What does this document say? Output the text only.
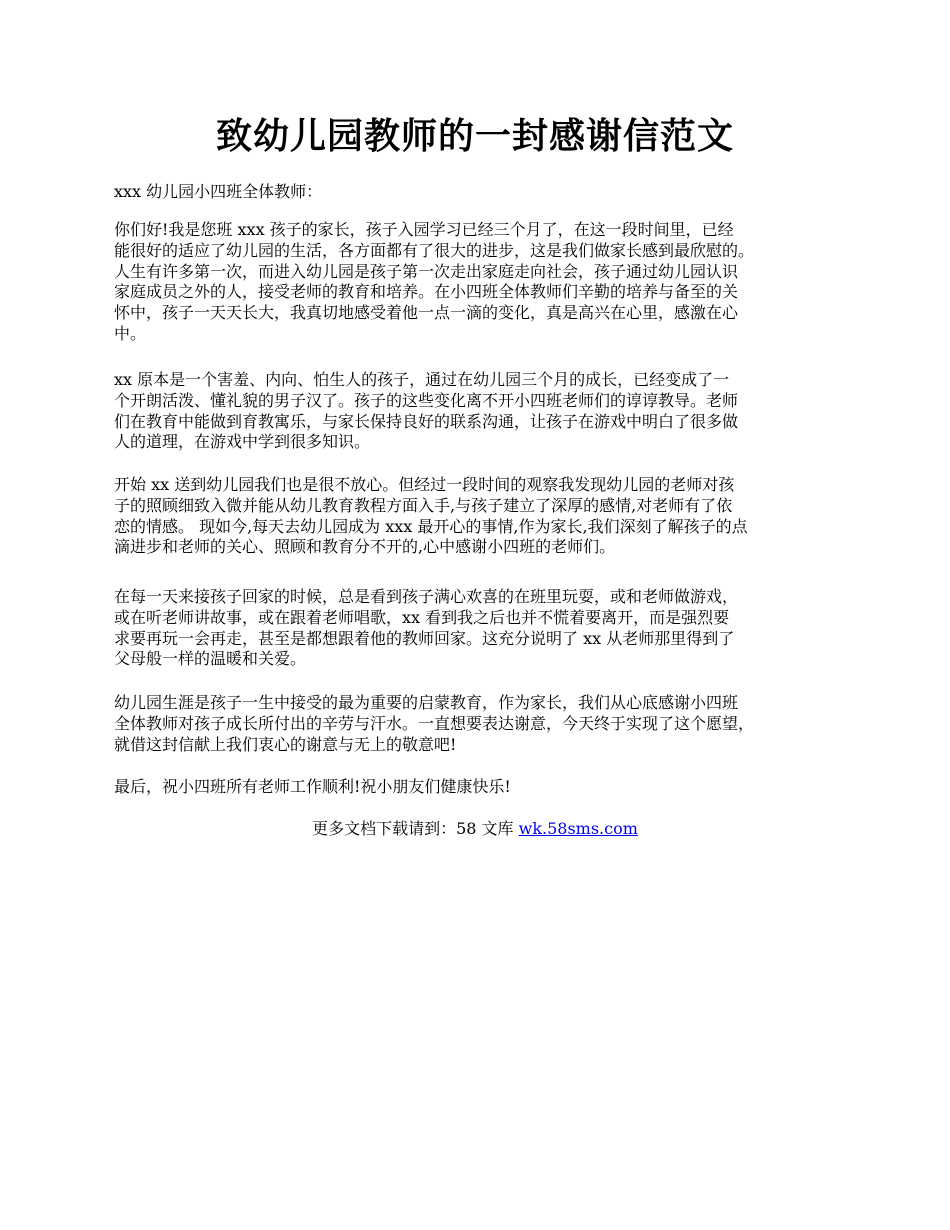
致幼儿园教师的一封感谢信范文
xxx 幼儿园小四班全体教师：
你们好!我是您班 xxx 孩子的家长，孩子入园学习已经三个月了，在这一段时间里，已经
能很好的适应了幼儿园的生活，各方面都有了很大的进步，这是我们做家长感到最欣慰的。
人生有许多第一次，而进入幼儿园是孩子第一次走出家庭走向社会，孩子通过幼儿园认识
家庭成员之外的人，接受老师的教育和培养。在小四班全体教师们辛勤的培养与备至的关
怀中，孩子一天天长大，我真切地感受着他一点一滴的变化，真是高兴在心里，感激在心
中。
xx 原本是一个害羞、内向、怕生人的孩子，通过在幼儿园三个月的成长，已经变成了一
个开朗活泼、懂礼貌的男子汉了。孩子的这些变化离不开小四班老师们的谆谆教导。老师
们在教育中能做到育教寓乐，与家长保持良好的联系沟通，让孩子在游戏中明白了很多做
人的道理，在游戏中学到很多知识。
开始 xx 送到幼儿园我们也是很不放心。但经过一段时间的观察我发现幼儿园的老师对孩
子的照顾细致入微并能从幼儿教育教程方面入手,与孩子建立了深厚的感情,对老师有了依
恋的情感。 现如今,每天去幼儿园成为 xxx 最开心的事情,作为家长,我们深刻了解孩子的点
滴进步和老师的关心、照顾和教育分不开的,心中感谢小四班的老师们。
在每一天来接孩子回家的时候，总是看到孩子满心欢喜的在班里玩耍，或和老师做游戏，
或在听老师讲故事，或在跟着老师唱歌，xx 看到我之后也并不慌着要离开，而是强烈要
求要再玩一会再走，甚至是都想跟着他的教师回家。这充分说明了 xx 从老师那里得到了
父母般一样的温暖和关爱。
幼儿园生涯是孩子一生中接受的最为重要的启蒙教育，作为家长，我们从心底感谢小四班
全体教师对孩子成长所付出的辛劳与汗水。一直想要表达谢意，今天终于实现了这个愿望，
就借这封信献上我们衷心的谢意与无上的敬意吧!
最后，祝小四班所有老师工作顺利!祝小朋友们健康快乐!
更多文档下载请到：58 文库 wk.58sms.com
